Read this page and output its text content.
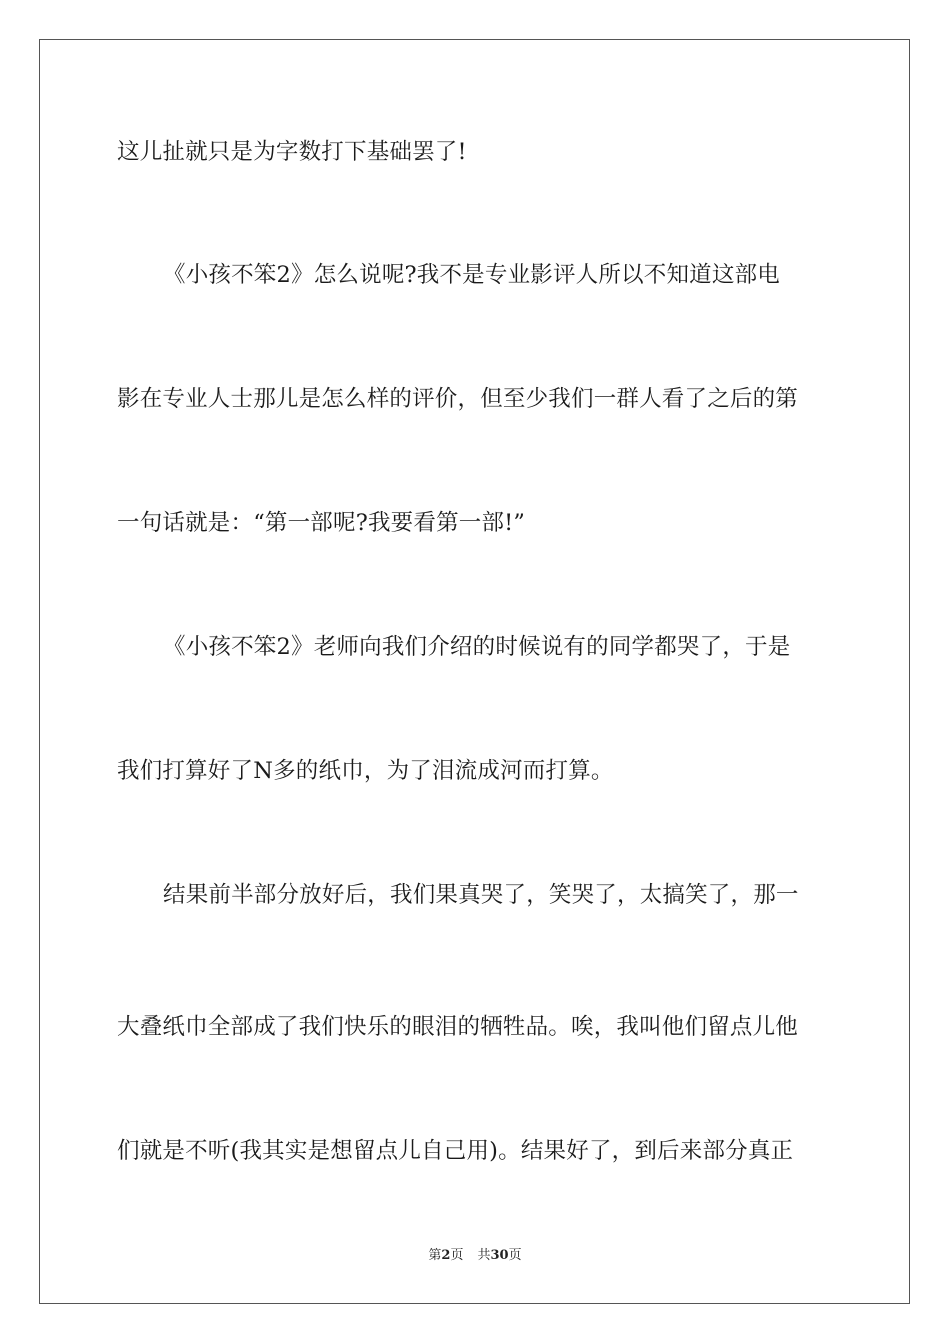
这儿扯就只是为字数打下基础罢了!
《小孩不笨2》怎么说呢?我不是专业影评人所以不知道这部电
影在专业人士那儿是怎么样的评价，但至少我们一群人看了之后的第
一句话就是：“第一部呢?我要看第一部!”
《小孩不笨2》老师向我们介绍的时候说有的同学都哭了，于是
我们打算好了N多的纸巾，为了泪流成河而打算。
结果前半部分放好后，我们果真哭了，笑哭了，太搞笑了，那一
大叠纸巾全部成了我们快乐的眼泪的牺牲品。唉，我叫他们留点儿他
们就是不听(我其实是想留点儿自己用)。结果好了，到后来部分真正
第2页 共30页
